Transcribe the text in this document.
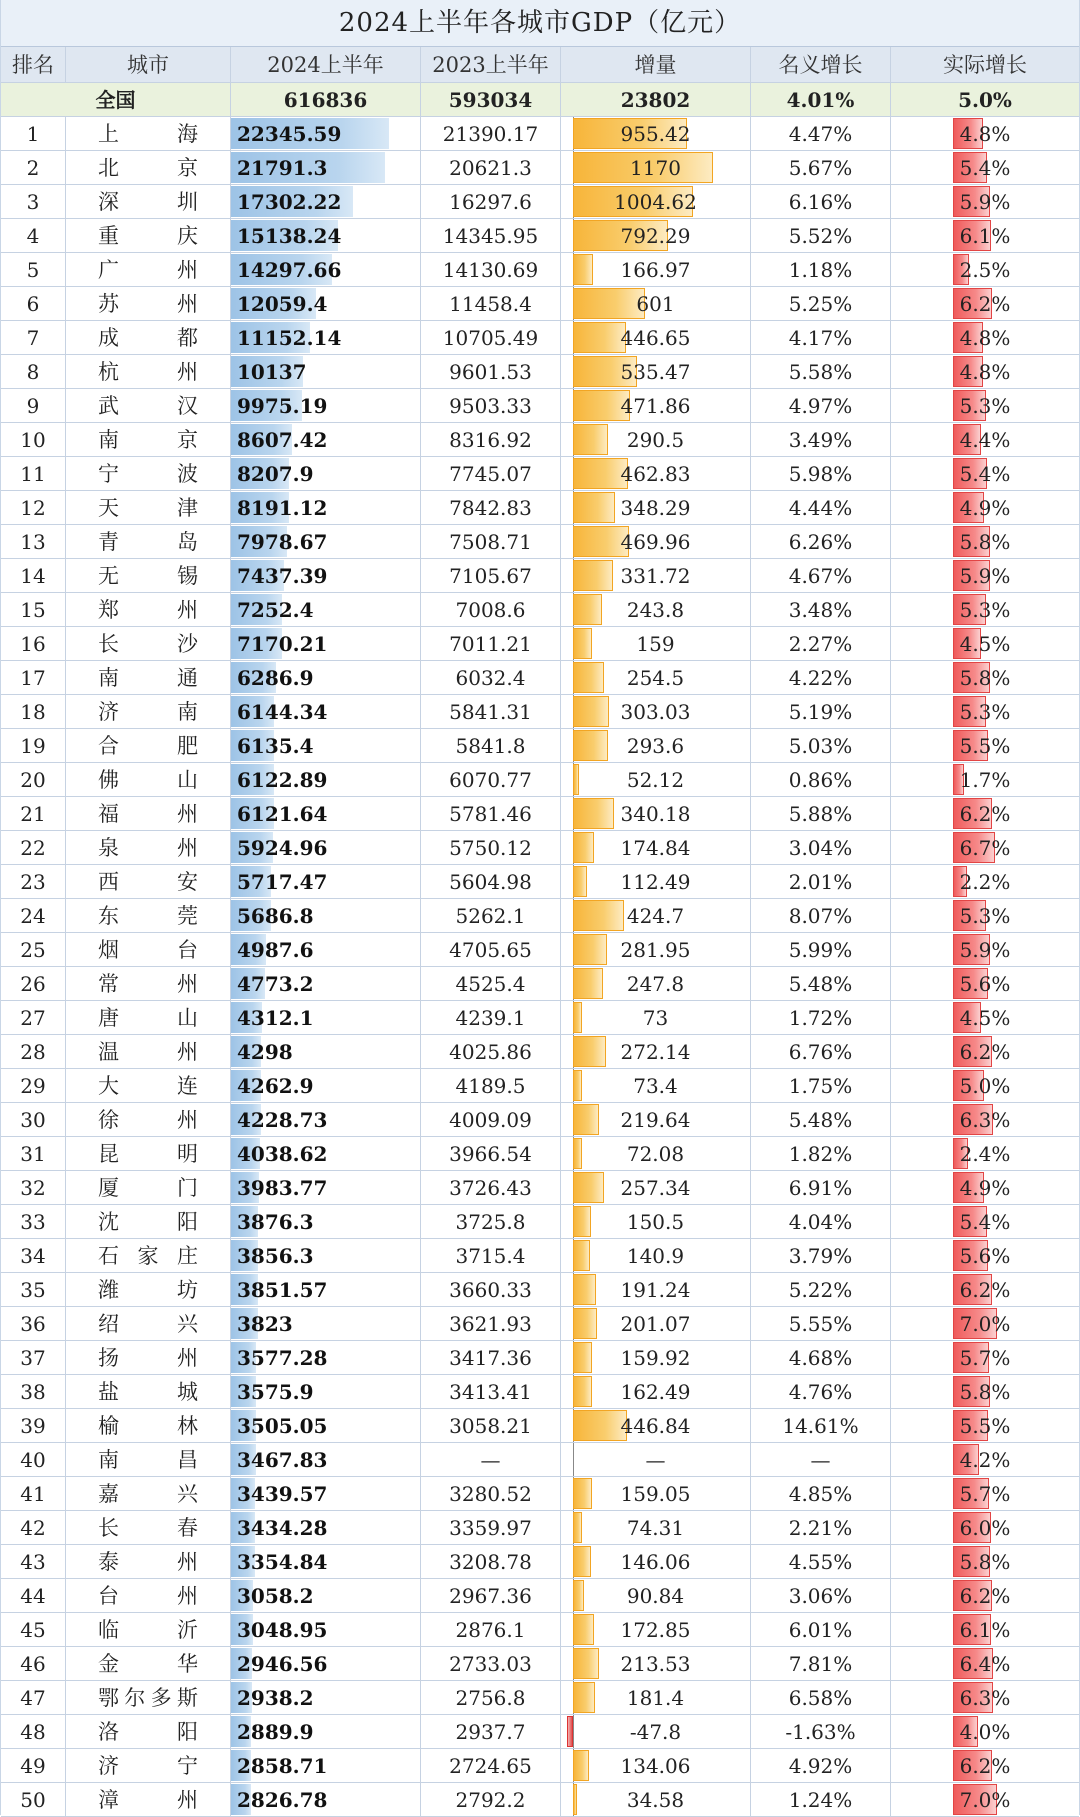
2024上半年各城市GDP（亿元）
排名	城市	2024上半年	2023上半年	增量	名义增长	实际增长
全国	616836	593034	23802	4.01%	5.0%
1	上海	22345.59	21390.17	955.42	4.47%	4.8%
2	北京	21791.3	20621.3	1170	5.67%	5.4%
3	深圳	17302.22	16297.6	1004.62	6.16%	5.9%
4	重庆	15138.24	14345.95	792.29	5.52%	6.1%
5	广州	14297.66	14130.69	166.97	1.18%	2.5%
6	苏州	12059.4	11458.4	601	5.25%	6.2%
7	成都	11152.14	10705.49	446.65	4.17%	4.8%
8	杭州	10137	9601.53	535.47	5.58%	4.8%
9	武汉	9975.19	9503.33	471.86	4.97%	5.3%
10	南京	8607.42	8316.92	290.5	3.49%	4.4%
11	宁波	8207.9	7745.07	462.83	5.98%	5.4%
12	天津	8191.12	7842.83	348.29	4.44%	4.9%
13	青岛	7978.67	7508.71	469.96	6.26%	5.8%
14	无锡	7437.39	7105.67	331.72	4.67%	5.9%
15	郑州	7252.4	7008.6	243.8	3.48%	5.3%
16	长沙	7170.21	7011.21	159	2.27%	4.5%
17	南通	6286.9	6032.4	254.5	4.22%	5.8%
18	济南	6144.34	5841.31	303.03	5.19%	5.3%
19	合肥	6135.4	5841.8	293.6	5.03%	5.5%
20	佛山	6122.89	6070.77	52.12	0.86%	1.7%
21	福州	6121.64	5781.46	340.18	5.88%	6.2%
22	泉州	5924.96	5750.12	174.84	3.04%	6.7%
23	西安	5717.47	5604.98	112.49	2.01%	2.2%
24	东莞	5686.8	5262.1	424.7	8.07%	5.3%
25	烟台	4987.6	4705.65	281.95	5.99%	5.9%
26	常州	4773.2	4525.4	247.8	5.48%	5.6%
27	唐山	4312.1	4239.1	73	1.72%	4.5%
28	温州	4298	4025.86	272.14	6.76%	6.2%
29	大连	4262.9	4189.5	73.4	1.75%	5.0%
30	徐州	4228.73	4009.09	219.64	5.48%	6.3%
31	昆明	4038.62	3966.54	72.08	1.82%	2.4%
32	厦门	3983.77	3726.43	257.34	6.91%	4.9%
33	沈阳	3876.3	3725.8	150.5	4.04%	5.4%
34	石家庄	3856.3	3715.4	140.9	3.79%	5.6%
35	潍坊	3851.57	3660.33	191.24	5.22%	6.2%
36	绍兴	3823	3621.93	201.07	5.55%	7.0%
37	扬州	3577.28	3417.36	159.92	4.68%	5.7%
38	盐城	3575.9	3413.41	162.49	4.76%	5.8%
39	榆林	3505.05	3058.21	446.84	14.61%	5.5%
40	南昌	3467.83	—	—	—	4.2%
41	嘉兴	3439.57	3280.52	159.05	4.85%	5.7%
42	长春	3434.28	3359.97	74.31	2.21%	6.0%
43	泰州	3354.84	3208.78	146.06	4.55%	5.8%
44	台州	3058.2	2967.36	90.84	3.06%	6.2%
45	临沂	3048.95	2876.1	172.85	6.01%	6.1%
46	金华	2946.56	2733.03	213.53	7.81%	6.4%
47	鄂尔多斯	2938.2	2756.8	181.4	6.58%	6.3%
48	洛阳	2889.9	2937.7	-47.8	-1.63%	4.0%
49	济宁	2858.71	2724.65	134.06	4.92%	6.2%
50	漳州	2826.78	2792.2	34.58	1.24%	7.0%
